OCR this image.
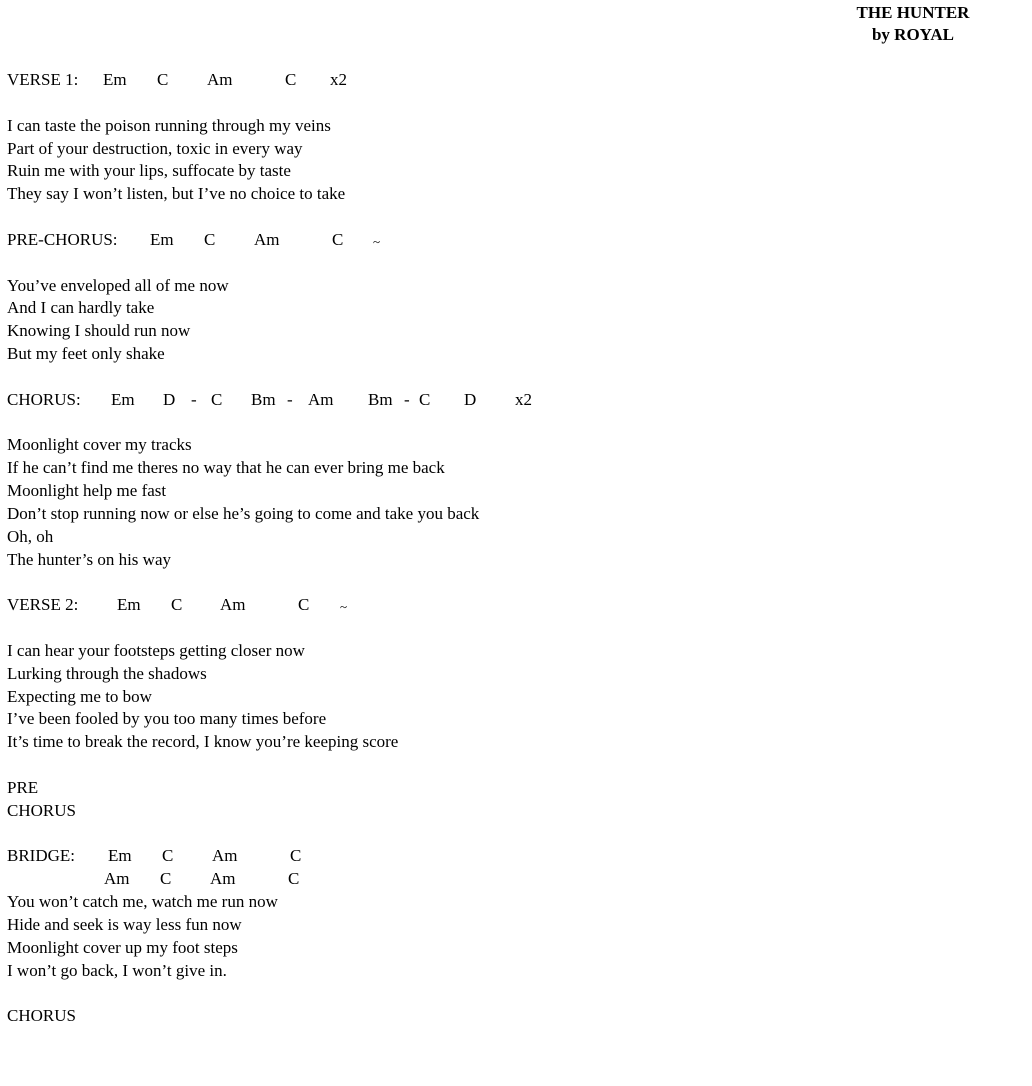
THE HUNTER
by ROYAL
VERSE 1: Em C Am	C x2
I can taste the poison running through my veins
Part of your destruction, toxic in every way
Ruin me with your lips, suffocate by taste
They say I won’t listen, but I’ve no choice to take
PRE-CHORUS: Em C Am	C ~
You’ve enveloped all of me now
And I can hardly take
Knowing I should run now
But my feet only shake
CHORUS: Em D - C Bm - Am Bm - C D x2
Moonlight cover my tracks
If he can’t find me theres no way that he can ever bring me back
Moonlight help me fast
Don’t stop running now or else he’s going to come and take you back
Oh, oh
The hunter’s on his way
VERSE 2: Em C Am	C ~
I can hear your footsteps getting closer now
Lurking through the shadows
Expecting me to bow
I’ve been fooled by you too many times before
It’s time to break the record, I know you’re keeping score
PRE
CHORUS
BRIDGE: Em C Am	C
Am C Am	C
You won’t catch me, watch me run now
Hide and seek is way less fun now
Moonlight cover up my foot steps
I won’t go back, I won’t give in.
CHORUS
